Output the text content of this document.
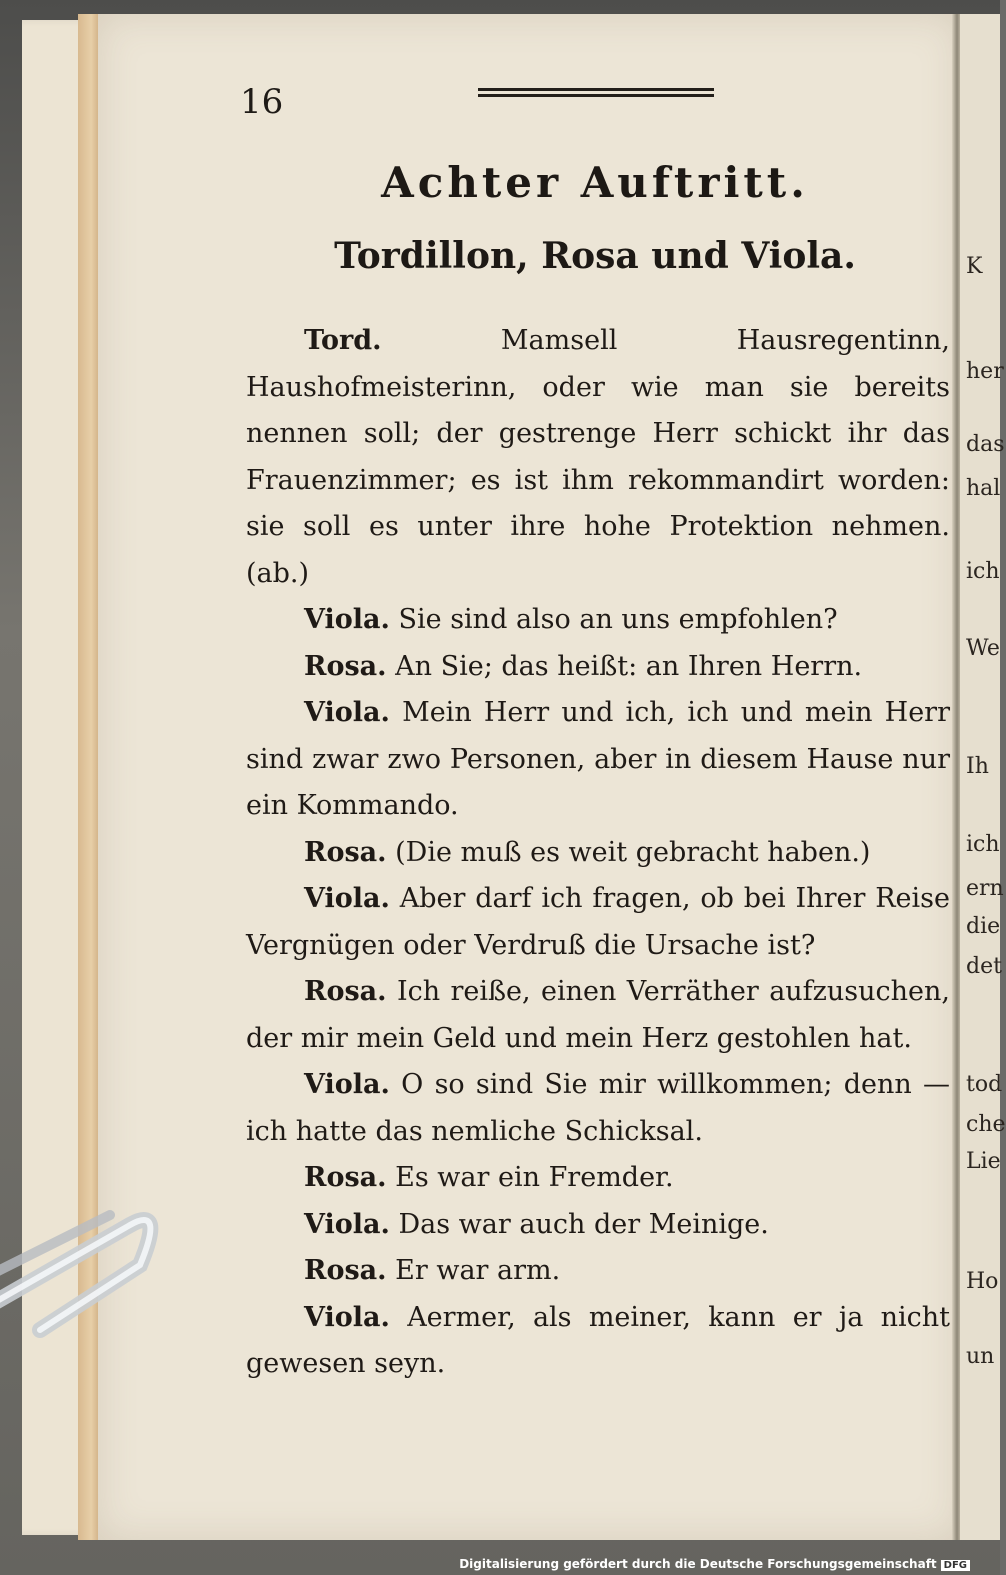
K
her
das
hal
ich
We
Ih
ich
ern
die
det
tod
che
Lie
Ho
un
16
Achter Auftritt.
Tordillon, Rosa und Viola.

Tord.	Mamsell Hausregentinn, Haushofmeisterinn, oder wie man sie bereits nennen soll; der gestrenge Herr schickt ihr das Frauenzimmer; es ist ihm rekommandirt worden: sie soll es unter ihre hohe Protektion nehmen. (ab.)

Viola. Sie sind also an uns empfohlen?

Rosa. An Sie; das heißt: an Ihren Herrn.

Viola. Mein Herr und ich, ich und mein Herr sind zwar zwo Personen, aber in diesem Hause nur ein Kommando.

Rosa. (Die muß es weit gebracht haben.)

Viola. Aber darf ich fragen, ob bei Ihrer Reise Vergnügen oder Verdruß die Ursache ist?

Rosa. Ich reiße, einen Verräther aufzusuchen, der mir mein Geld und mein Herz gestohlen hat.

Viola. O so sind Sie mir willkommen; denn — ich hatte das nemliche Schicksal.

Rosa. Es war ein Fremder.

Viola. Das war auch der Meinige.

Rosa. Er war arm.

Viola. Aermer, als meiner, kann er ja nicht gewesen seyn.

Digitalisierung gefördert durch die Deutsche Forschungsgemeinschaft DFG
